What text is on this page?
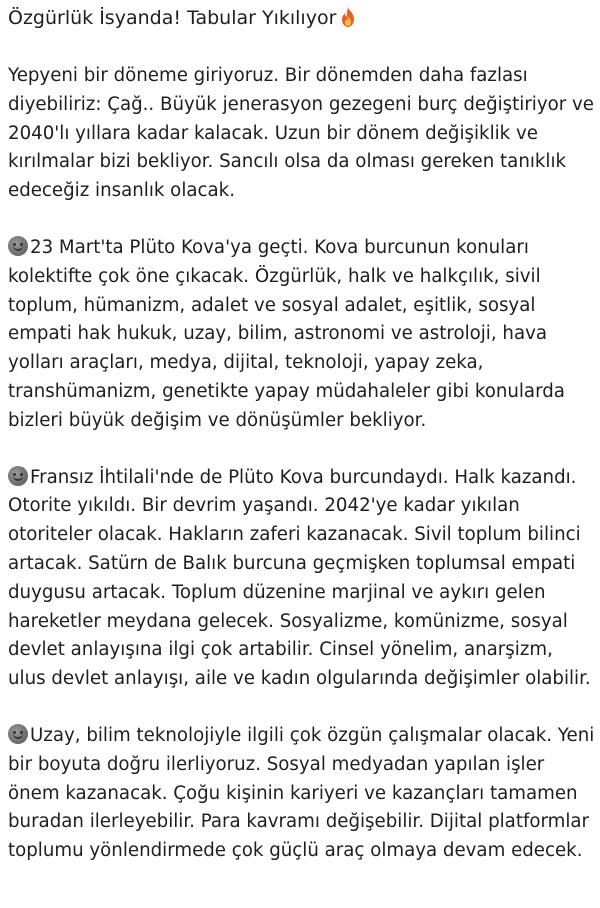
Özgürlük İsyanda! Tabular Yıkılıyor
Yepyeni bir döneme giriyoruz. Bir dönemden daha fazlası diyebiliriz: Çağ.. Büyük jenerasyon gezegeni burç değiştiriyor ve 2040'lı yıllara kadar kalacak. Uzun bir dönem değişiklik ve kırılmalar bizi bekliyor. Sancılı olsa da olması gereken tanıklık edeceğiz insanlık olacak.
23 Mart'ta Plüto Kova'ya geçti. Kova burcunun konuları kolektifte çok öne çıkacak. Özgürlük, halk ve halkçılık, sivil toplum, hümanizm, adalet ve sosyal adalet, eşitlik, sosyal empati hak hukuk, uzay, bilim, astronomi ve astroloji, hava yolları araçları, medya, dijital, teknoloji, yapay zeka, transhümanizm, genetikte yapay müdahaleler gibi konularda bizleri büyük değişim ve dönüşümler bekliyor.
Fransız İhtilali'nde de Plüto Kova burcundaydı. Halk kazandı. Otorite yıkıldı. Bir devrim yaşandı. 2042'ye kadar yıkılan otoriteler olacak. Hakların zaferi kazanacak. Sivil toplum bilinci artacak. Satürn de Balık burcuna geçmişken toplumsal empati duygusu artacak. Toplum düzenine marjinal ve aykırı gelen hareketler meydana gelecek. Sosyalizme, komünizme, sosyal devlet anlayışına ilgi çok artabilir. Cinsel yönelim, anarşizm, ulus devlet anlayışı, aile ve kadın olgularında değişimler olabilir.
Uzay, bilim teknolojiyle ilgili çok özgün çalışmalar olacak. Yeni bir boyuta doğru ilerliyoruz. Sosyal medyadan yapılan işler önem kazanacak. Çoğu kişinin kariyeri ve kazançları tamamen buradan ilerleyebilir. Para kavramı değişebilir. Dijital platformlar toplumu yönlendirmede çok güçlü araç olmaya devam edecek.
